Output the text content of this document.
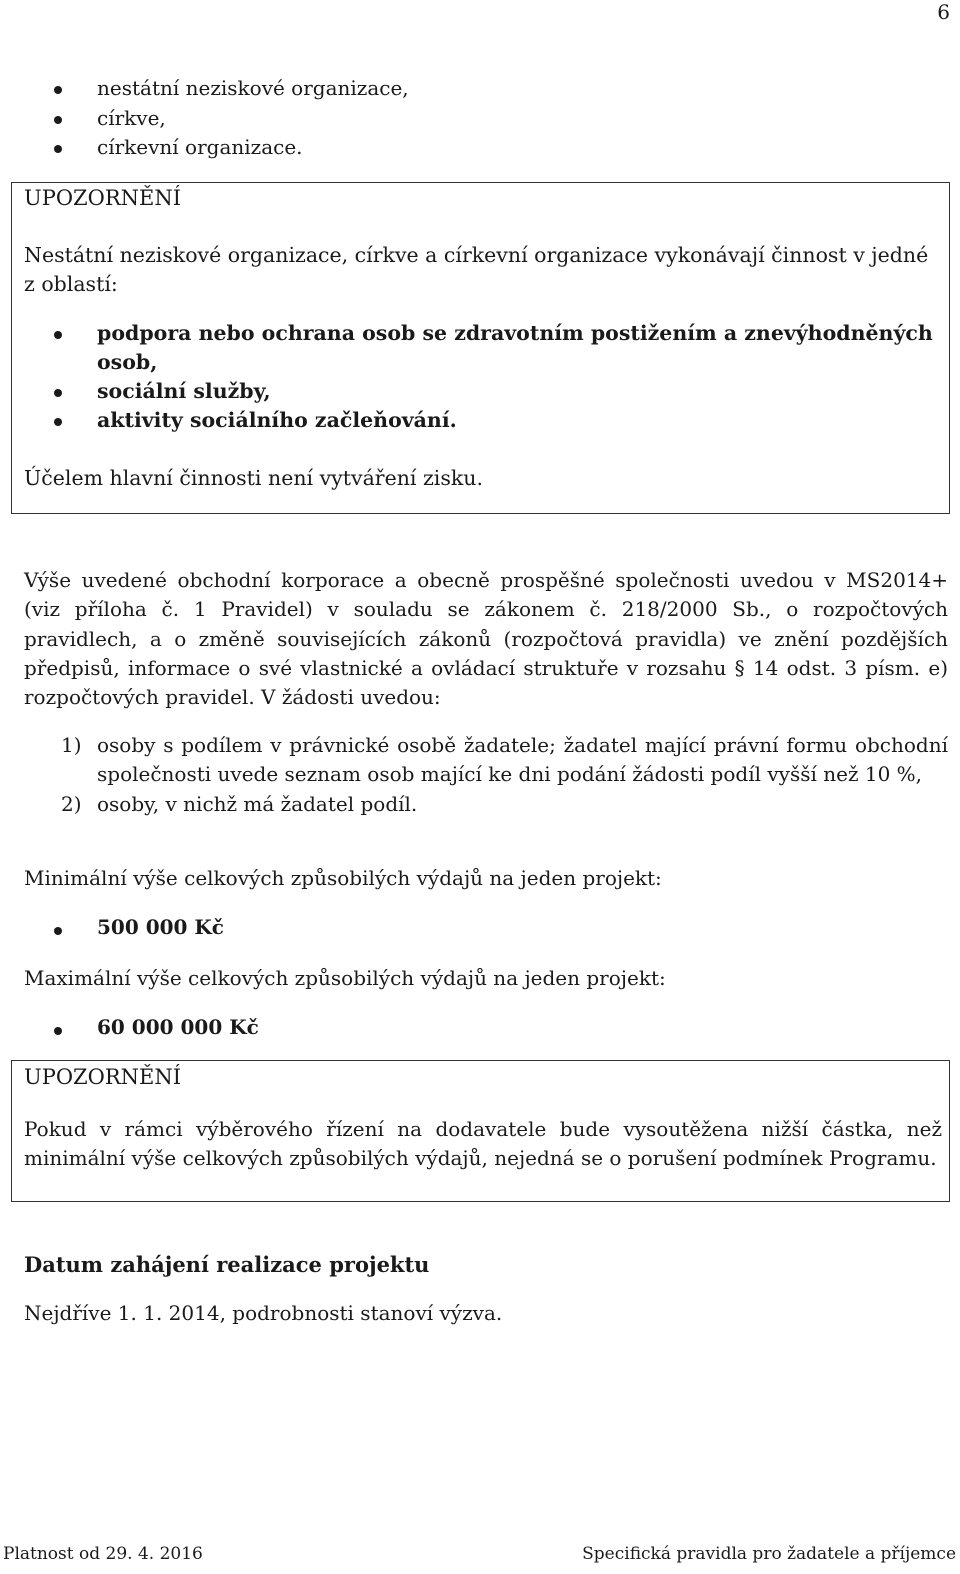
6
nestátní neziskové organizace,
církve,
církevní organizace.
UPOZORNĚNÍ
Nestátní neziskové organizace, církve a církevní organizace vykonávají činnost v jedné z oblastí:
podpora nebo ochrana osob se zdravotním postižením a znevýhodněných osob,
sociální služby,
aktivity sociálního začleňování.
Účelem hlavní činnosti není vytváření zisku.
Výše uvedené obchodní korporace a obecně prospěšné společnosti uvedou v MS2014+ (viz příloha č. 1 Pravidel) v souladu se zákonem č. 218/2000 Sb., o rozpočtových pravidlech, a o změně souvisejících zákonů (rozpočtová pravidla) ve znění pozdějších předpisů, informace o své vlastnické a ovládací struktuře v rozsahu § 14 odst. 3 písm. e) rozpočtových pravidel. V žádosti uvedou:
1) osoby s podílem v právnické osobě žadatele; žadatel mající právní formu obchodní společnosti uvede seznam osob mající ke dni podání žádosti podíl vyšší než 10 %,
2) osoby, v nichž má žadatel podíl.
Minimální výše celkových způsobilých výdajů na jeden projekt:
500 000 Kč
Maximální výše celkových způsobilých výdajů na jeden projekt:
60 000 000 Kč
UPOZORNĚNÍ
Pokud v rámci výběrového řízení na dodavatele bude vysoutěžena nižší částka, než minimální výše celkových způsobilých výdajů, nejedná se o porušení podmínek Programu.
Datum zahájení realizace projektu
Nejdříve 1. 1. 2014, podrobnosti stanoví výzva.
Platnost od 29. 4. 2016	Specifická pravidla pro žadatele a příjemce
